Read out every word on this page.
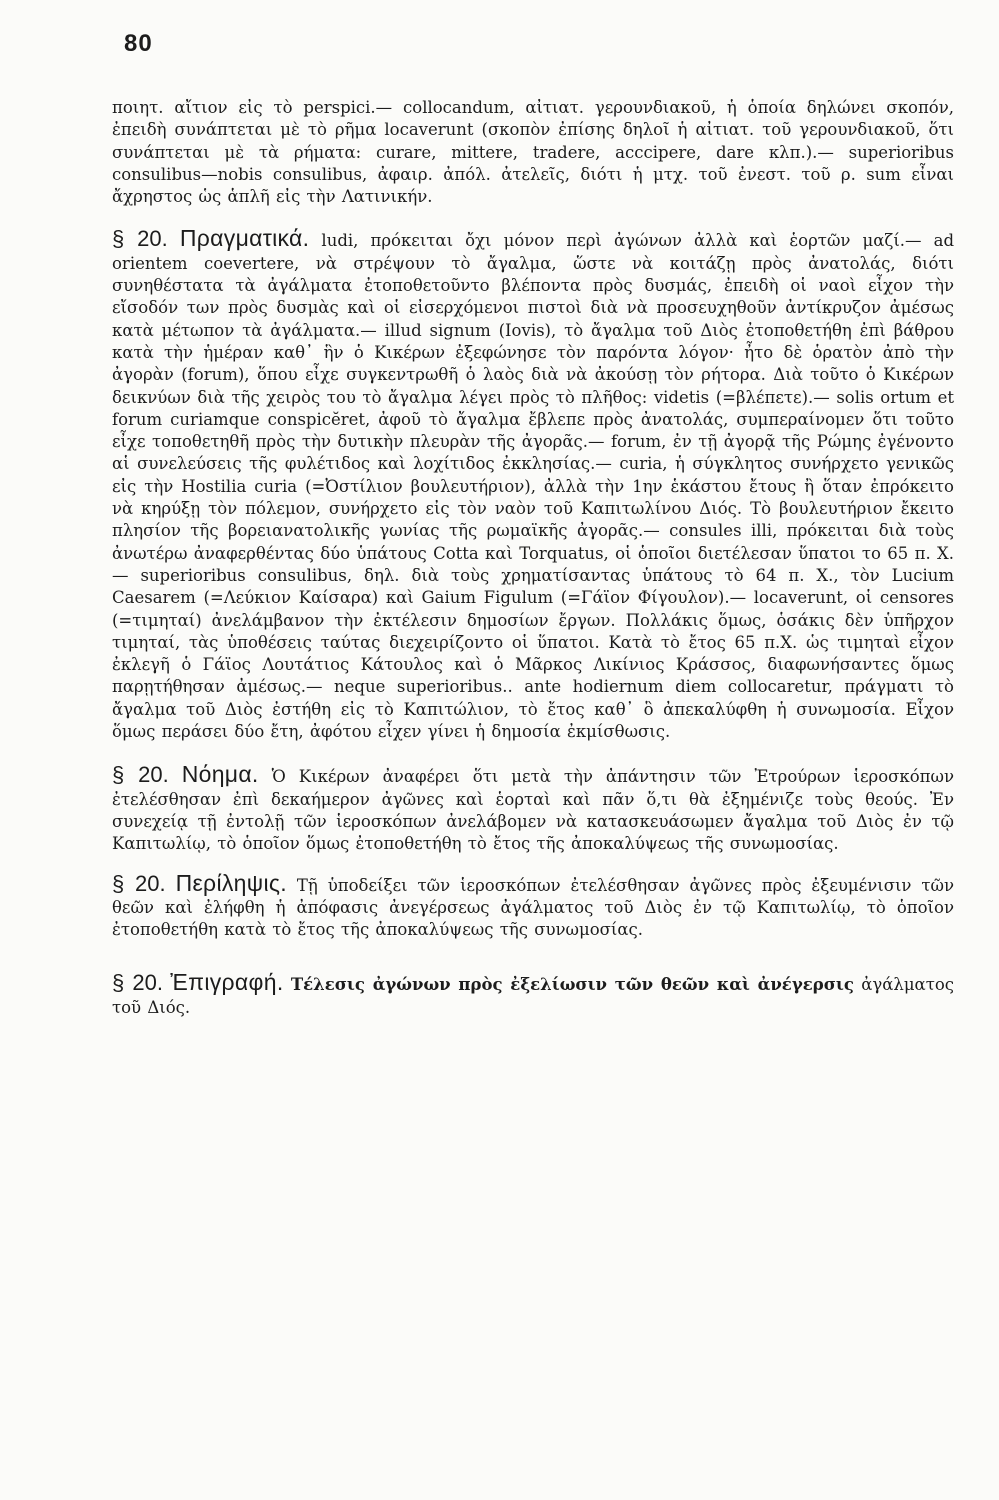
80

ποιητ. αἴτιον εἰς τὸ perspici.— collocandum, αἰτιατ. γερουνδιακοῦ, ἡ ὁποία δηλώνει σκοπόν, ἐπειδὴ συνάπτεται μὲ τὸ ρῆμα locaverunt (σκοπὸν ἐπίσης δηλοῖ ἡ αἰτιατ. τοῦ γερουνδιακοῦ, ὅτι συνάπτεται μὲ τὰ ρήματα: curare, mittere, tradere, acccipere, dare κλπ.).— superioribus consulibus—nobis consulibus, ἀφαιρ. ἀπόλ. ἀτελεῖς, διότι ἡ μτχ. τοῦ ἐνεστ. τοῦ ρ. sum εἶναι ἄχρηστος ὡς ἁπλῆ εἰς τὴν Λατινικήν.

§ 20. Πραγματικά. ludi, πρόκειται ὄχι μόνον περὶ ἀγώνων ἀλλὰ καὶ ἑορτῶν μαζί.— ad orientem coevertere, νὰ στρέψουν τὸ ἄγαλμα, ὥστε νὰ κοιτάζῃ πρὸς ἀνατολάς, διότι συνηθέστατα τὰ ἀγάλματα ἐτοποθετοῦντο βλέποντα πρὸς δυσμάς, ἐπειδὴ οἱ ναοὶ εἶχον τὴν εἴσοδόν των πρὸς δυσμὰς καὶ οἱ εἰσερχόμενοι πιστοὶ διὰ νὰ προσευχηθοῦν ἀντίκρυζον ἀμέσως κατὰ μέτωπον τὰ ἀγάλματα.— illud signum (Iovis), τὸ ἄγαλμα τοῦ Διὸς ἐτοποθετήθη ἐπὶ βάθρου κατὰ τὴν ἡμέραν καθ᾽ ἣν ὁ Κικέρων ἐξεφώνησε τὸν παρόντα λόγον· ἦτο δὲ ὁρατὸν ἀπὸ τὴν ἀγορὰν (forum), ὅπου εἶχε συγκεντρωθῆ ὁ λαὸς διὰ νὰ ἀκούσῃ τὸν ρήτορα. Διὰ τοῦτο ὁ Κικέρων δεικνύων διὰ τῆς χειρὸς του τὸ ἄγαλμα λέγει πρὸς τὸ πλῆθος: videtis (=βλέπετε).— solis ortum et forum curiamque conspicĕret, ἀφοῦ τὸ ἄγαλμα ἔβλεπε πρὸς ἀνατολάς, συμπεραίνομεν ὅτι τοῦτο εἶχε τοποθετηθῆ πρὸς τὴν δυτικὴν πλευρὰν τῆς ἀγορᾶς.— forum, ἐν τῇ ἀγορᾷ τῆς Ρώμης ἐγένοντο αἱ συνελεύσεις τῆς φυλέτιδος καὶ λοχίτιδος ἐκκλησίας.— curia, ἡ σύγκλητος συνήρχετο γενικῶς εἰς τὴν Hostilia curia (=Ὀστίλιον βουλευτήριον), ἀλλὰ τὴν 1ην ἑκάστου ἔτους ἢ ὅταν ἐπρόκειτο νὰ κηρύξῃ τὸν πόλεμον, συνήρχετο εἰς τὸν ναὸν τοῦ Καπιτωλίνου Διός. Τὸ βουλευτήριον ἔκειτο πλησίον τῆς βορειανατολικῆς γωνίας τῆς ρωμαϊκῆς ἀγορᾶς.— consules illi, πρόκειται διὰ τοὺς ἀνωτέρω ἀναφερθέντας δύο ὑπάτους Cotta καὶ Torquatus, οἱ ὁποῖοι διετέλεσαν ὕπατοι το 65 π. Χ.— superioribus consulibus, δηλ. διὰ τοὺς χρηματίσαντας ὑπάτους τὸ 64 π. Χ., τὸν Lucium Caesarem (=Λεύκιον Καίσαρα) καὶ Gaium Figulum (=Γάϊον Φίγουλον).— locaverunt, οἱ censores (=τιμηταί) ἀνελάμβανον τὴν ἐκτέλεσιν δημοσίων ἔργων. Πολλάκις ὅμως, ὁσάκις δὲν ὑπῆρχον τιμηταί, τὰς ὑποθέσεις ταύτας διεχειρίζοντο οἱ ὕπατοι. Κατὰ τὸ ἔτος 65 π.Χ. ὡς τιμηταὶ εἶχον ἐκλεγῆ ὁ Γάϊος Λουτάτιος Κάτουλος καὶ ὁ Μᾶρκος Λικίνιος Κράσσος, διαφωνήσαντες ὅμως παρῃτήθησαν ἀμέσως.— neque superioribus.. ante hodiernum diem collocaretur, πράγματι τὸ ἄγαλμα τοῦ Διὸς ἐστήθη εἰς τὸ Καπιτώλιον, τὸ ἔτος καθ᾽ ὃ ἀπεκαλύφθη ἡ συνωμοσία. Εἶχον ὅμως περάσει δύο ἔτη, ἀφότου εἶχεν γίνει ἡ δημοσία ἐκμίσθωσις.

§ 20. Νόημα. Ὁ Κικέρων ἀναφέρει ὅτι μετὰ τὴν ἀπάντησιν τῶν Ἐτρούρων ἱεροσκόπων ἐτελέσθησαν ἐπὶ δεκαήμερον ἀγῶνες καὶ ἑορταὶ καὶ πᾶν ὅ,τι θὰ ἐξημένιζε τοὺς θεούς. Ἐν συνεχείᾳ τῇ ἐντολῇ τῶν ἱεροσκόπων ἀνελάβομεν νὰ κατασκευάσωμεν ἄγαλμα τοῦ Διὸς ἐν τῷ Καπιτωλίῳ, τὸ ὁποῖον ὅμως ἐτοποθετήθη τὸ ἔτος τῆς ἀποκαλύψεως τῆς συνωμοσίας.

§ 20. Περίληψις. Τῇ ὑποδείξει τῶν ἱεροσκόπων ἐτελέσθησαν ἀγῶνες πρὸς ἐξευμένισιν τῶν θεῶν καὶ ἐλήφθη ἡ ἀπόφασις ἀνεγέρσεως ἀγάλματος τοῦ Διὸς ἐν τῷ Καπιτωλίῳ, τὸ ὁποῖον ἐτοποθετήθη κατὰ τὸ ἔτος τῆς ἀποκαλύψεως τῆς συνωμοσίας.

§ 20. Ἐπιγραφή. Τέλεσις ἀγώνων πρὸς ἐξελίωσιν τῶν θεῶν καὶ ἀνέγερσις ἀγάλματος τοῦ Διός.
